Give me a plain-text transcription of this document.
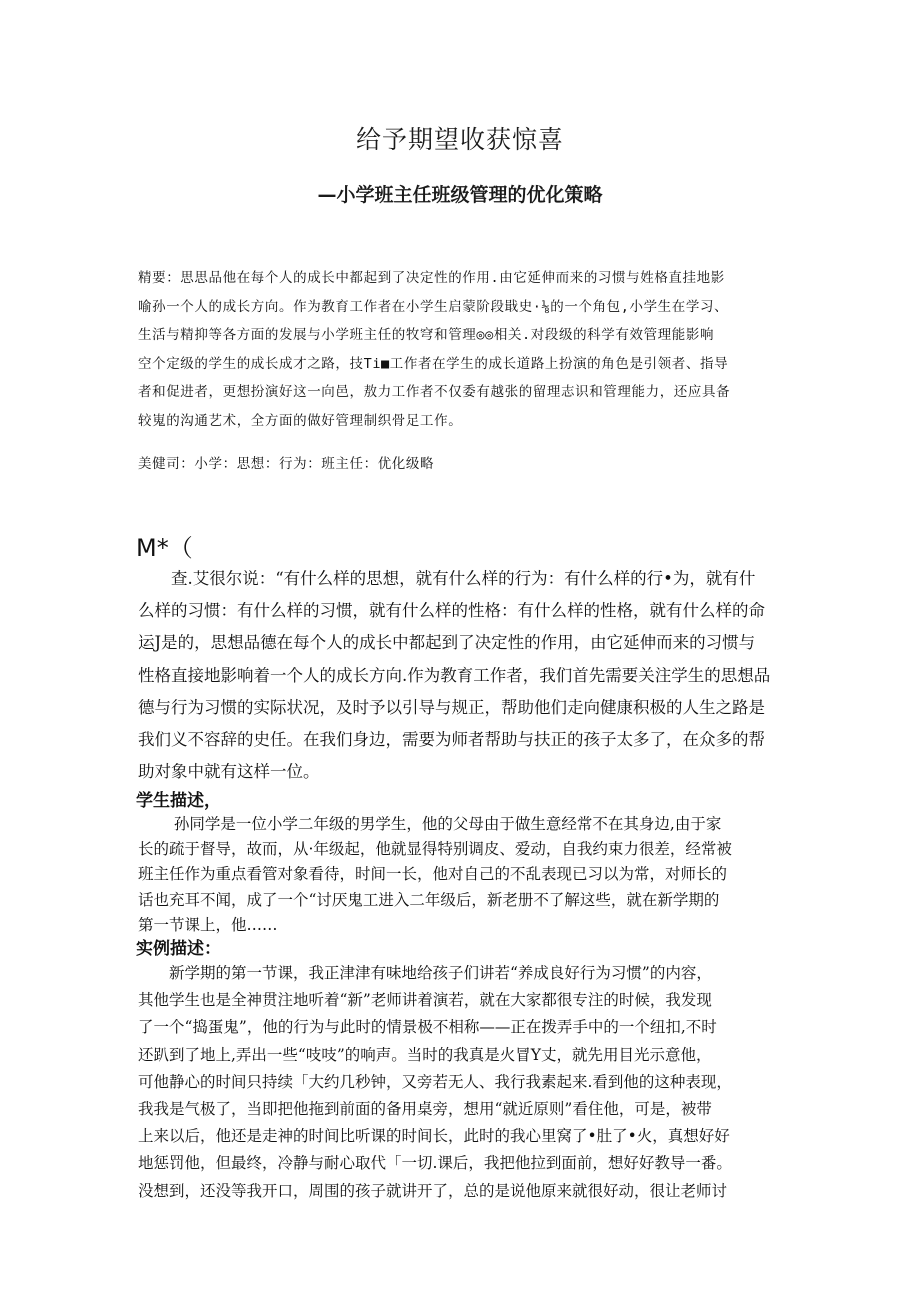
给予期望收获惊喜
—小学班主任班级管理的优化策略
精要：思思品他在每个人的成长中都起到了决定性的作用.由它延伸而来的习惯与姓格直挂地影
喻孙一个人的成长方向。作为教育工作者在小学生启蒙阶段戢史·⅛的一个角包,小学生在学习、
生活与精抑等各方面的发展与小学班主任的牧穹和管理◎◎相关.对段级的科学有效管理能影响
空个定级的学生的成长成才之路，技Ti■工作者在学生的成长道路上扮演的角色是引领者、指导
者和促进者，更想扮演好这一向邑，敖力工作者不仅委有越张的留理志识和管理能力，还应具备
较嵬的沟通艺术，全方面的做好管理制织骨足工作。

美健司：小学：思想：行为：班主任：优化级略

M*（
　　查.艾很尔说：“有什么样的思想，就有什么样的行为：有什么样的行•为，就有什
么样的习惯：有什么样的习惯，就有什么样的性格：有什么样的性格，就有什么样的命
运J是的，思想品德在每个人的成长中都起到了决定性的作用，由它延伸而来的习惯与
性格直接地影响着一个人的成长方向.作为教育工作者，我们首先需要关注学生的思想品
德与行为习惯的实际状况，及时予以引导与规正，帮助他们走向健康积极的人生之路是
我们义不容辞的史任。在我们身边，需要为师者帮助与扶正的孩子太多了，在众多的帮
助对象中就有这样一位。
学生描述，
　　 孙同学是一位小学二年级的男学生，他的父母由于做生意经常不在其身边,由于家
长的疏于督导，故而，从·年级起，他就显得特别调皮、爱动，自我约束力很差，经常被
班主任作为重点看管对象看待，时间一长，他对自己的不乱表现已习以为常，对师长的
话也充耳不闻，成了一个“讨厌鬼工进入二年级后，新老册不了解这些，就在新学期的
第一节课上，他……
实例描述：
　　新学期的第一节课，我正津津有味地给孩子们讲若“养成良好行为习惯”的内容，
其他学生也是全神贯注地听着“新”老师讲着演若，就在大家都很专注的时候，我发现
了一个“捣蛋鬼”，他的行为与此时的情景极不相称——正在拨弄手中的一个纽扣,不时
还趴到了地上,弄出一些“吱吱”的响声。当时的我真是火冒Y丈，就先用目光示意他，
可他静心的时间只持续「大约几秒钟，又旁若无人、我行我素起来.看到他的这种表现，
我我是气极了，当即把他拖到前面的备用桌旁，想用“就近原则”看住他，可是，被带
上来以后，他还是走神的时间比听课的时间长，此时的我心里窝了•肚了•火，真想好好
地惩罚他，但最终，冷静与耐心取代「一切.课后，我把他拉到面前，想好好教导一番。
没想到，还没等我开口，周围的孩子就讲开了，总的是说他原来就很好动，很让老师讨
